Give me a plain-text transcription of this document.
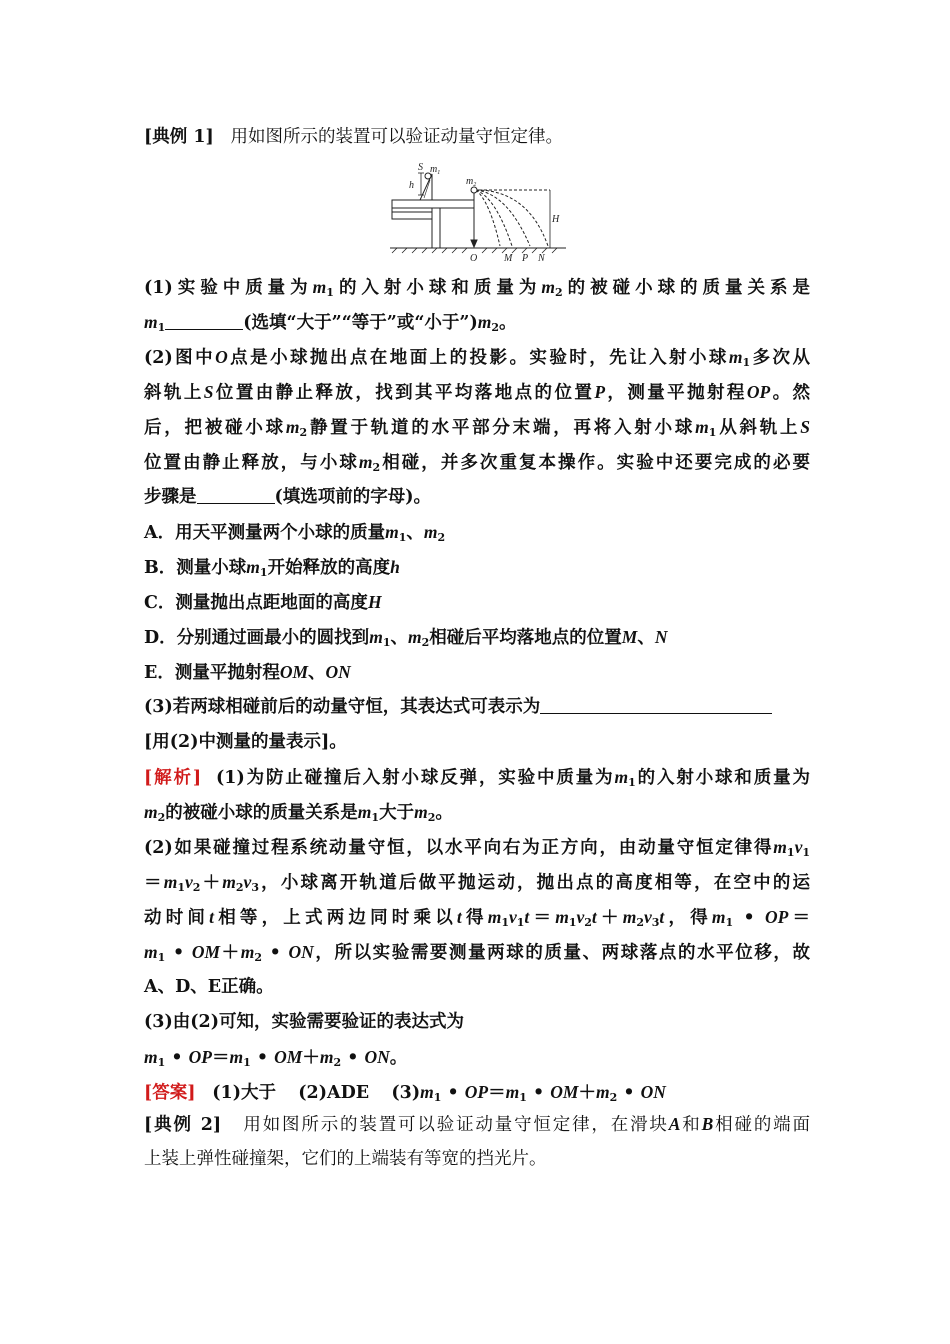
[典例 1] 用如图所示的装置可以验证动量守恒定律。
S $m_1$
$m_2$
h
H
O	M P N
(1)实验中质量为$m_1$的入射小球和质量为$m_2$的被碰小球的质量关系是
$m_1$	(选填“大于”“等于”或“小于$”)m_2$。
(2)图中O点是小球抛出点在地面上的投影。实验时，先让入射小球$m_1$多次从
斜轨上S位置由静止释放，找到其平均落地点的位置P，测量平抛射程OP。然
后，把被碰小球$m_2$静置于轨道的水平部分末端，再将入射小球$m_1$从斜轨上S
位置由静止释放，与小球$m_2$相碰，并多次重复本操作。实验中还要完成的必要
步骤是	(填选项前的字母)。
A．用天平测量两个小球的质量$m_1$、$m_2$
B．测量小球$m_1$开始释放的高度h
C．测量抛出点距地面的高度H
D．分别通过画最小的圆找到$m_1$、$m_2$相碰后平均落地点的位置M、N
E．测量平抛射程OM、ON
(3)若两球相碰前后的动量守恒，其表达式可表示为
[用(2)中测量的量表示]。
[解析] (1)为防止碰撞后入射小球反弹，实验中质量为$m_1$的入射小球和质量为
$m_2$的被碰小球的质量关系是$m_1$大于$m_2$。
(2)如果碰撞过程系统动量守恒，以水平向右为正方向，由动量守恒定律得$m_1v_1$
$=m_1v_2+m_2v_3$，小球离开轨道后做平抛运动，抛出点的高度相等，在空中的运
动时间t相等，上式两边同时乘以t得$m_1v_1t=m_1v_2t+m_2v_3t$，得$m_1$ • OP＝
$m_1$ • $OM+m_2$ • ON，所以实验需要测量两球的质量、两球落点的水平位移，故
A、D、E正确。
(3)由(2)可知，实验需要验证的表达式为
$m_1$ • $OP=m_1$ • $OM+m_2$ • ON。
[答案] (1)大于 (2)ADE $(3)m_1$ • $OP=m_1$ • $OM+m_2$ • ON
[典例 2] 用如图所示的装置可以验证动量守恒定律，在滑块A和B相碰的端面
上装上弹性碰撞架，它们的上端装有等宽的挡光片。
